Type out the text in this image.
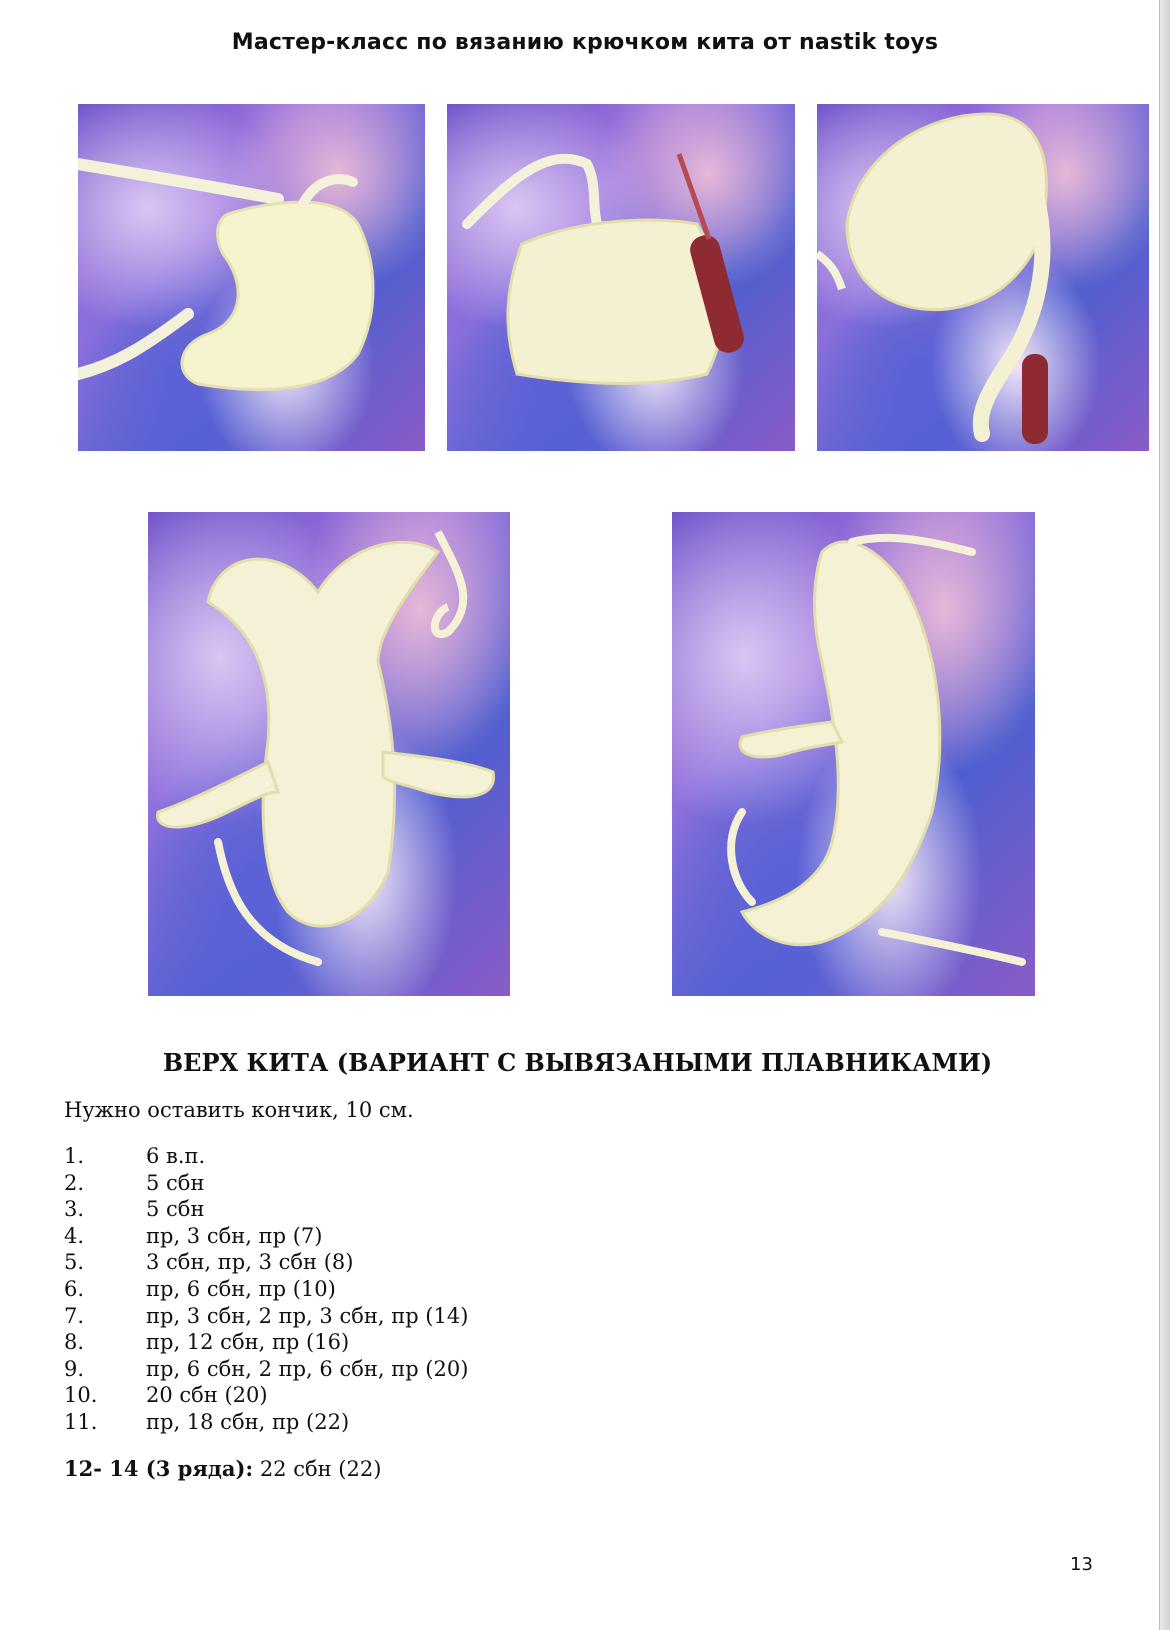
Мастер-класс по вязанию крючком кита от nastik toys
ВЕРХ КИТА (ВАРИАНТ С ВЫВЯЗАНЫМИ ПЛАВНИКАМИ)
Нужно оставить кончик, 10 см.
1.	6 в.п.
2.	5 сбн
3.	5 сбн
4.	пр, 3 сбн, пр (7)
5.	3 сбн, пр, 3 сбн (8)
6.	пр, 6 сбн, пр (10)
7.	пр, 3 сбн, 2 пр, 3 сбн, пр (14)
8.	пр, 12 сбн, пр (16)
9.	пр, 6 сбн, 2 пр, 6 сбн, пр (20)
10. 20 сбн (20)
11. пр, 18 сбн, пр (22)
12- 14 (3 ряда): 22 сбн (22)
13
